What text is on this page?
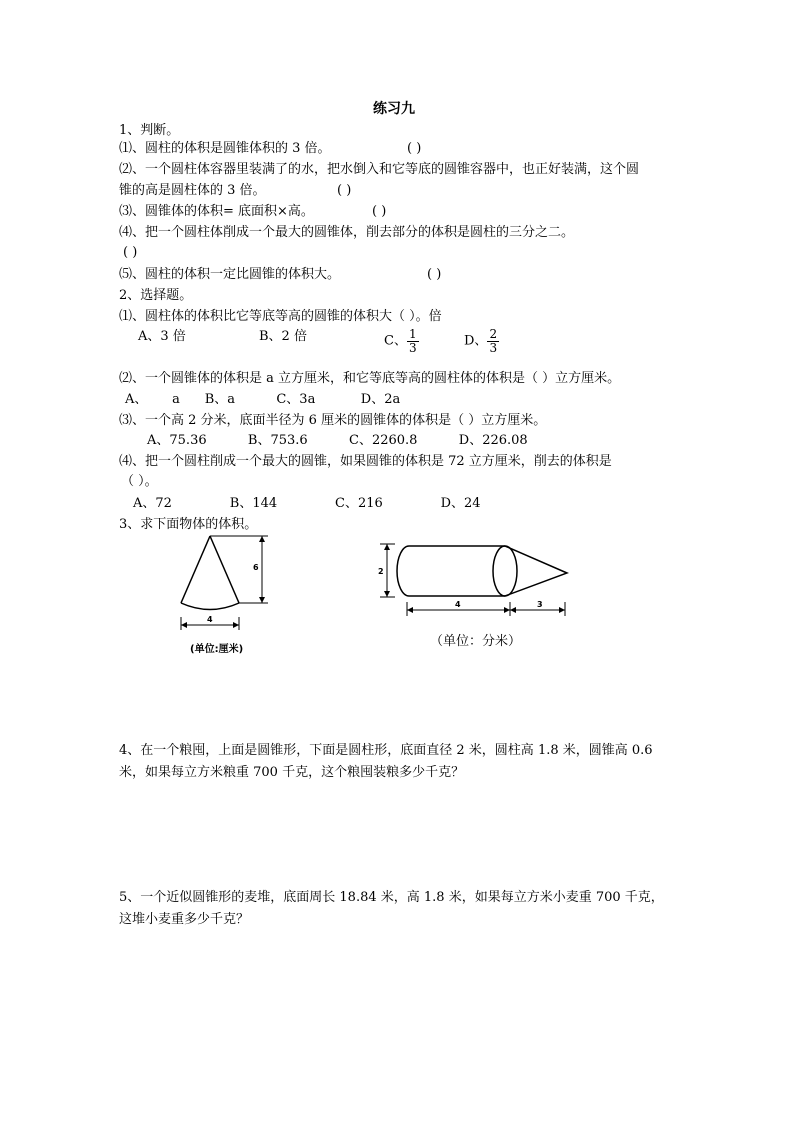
练习九
1、判断。
⑴、圆柱的体积是圆锥体积的 3 倍。	( )
⑵、一个圆柱体容器里装满了的水，把水倒入和它等底的圆锥容器中，也正好装满，这个圆
锥的高是圆柱体的 3 倍。	( )
⑶、圆锥体的体积= 底面积×高。	( )
⑷、把一个圆柱体削成一个最大的圆锥体，削去部分的体积是圆柱的三分之二。
( )
⑸、圆柱的体积一定比圆锥的体积大。	( )
2、选择题。
⑴、圆柱体的体积比它等底等高的圆锥的体积大（ ）。倍
A、3 倍	B、2 倍	C、 $\frac{1}{3}$	D、 $\frac{2}{3}$
⑵、一个圆锥体的体积是 a 立方厘米，和它等底等高的圆柱体的体积是（ ）立方厘米。
A、      a      B、a          C、3a           D、2a
⑶、一个高 2 分米，底面半径为 6 厘米的圆锥体的体积是（ ）立方厘米。
A、75.36          B、753.6          C、2260.8          D、226.08
⑷、把一个圆柱削成一个最大的圆锥，如果圆锥的体积是 72 立方厘米，削去的体积是
（ ）。
A、72              B、144              C、216              D、24
3、求下面物体的体积。
6
4
(单位:厘米)
2
4	3
（单位：分米）
4、在一个粮囤，上面是圆锥形，下面是圆柱形，底面直径 2 米，圆柱高 1.8 米，圆锥高 0.6
米，如果每立方米粮重 700 千克，这个粮囤装粮多少千克？
5、一个近似圆锥形的麦堆，底面周长 18.84 米，高 1.8 米，如果每立方米小麦重 700 千克，
这堆小麦重多少千克？
